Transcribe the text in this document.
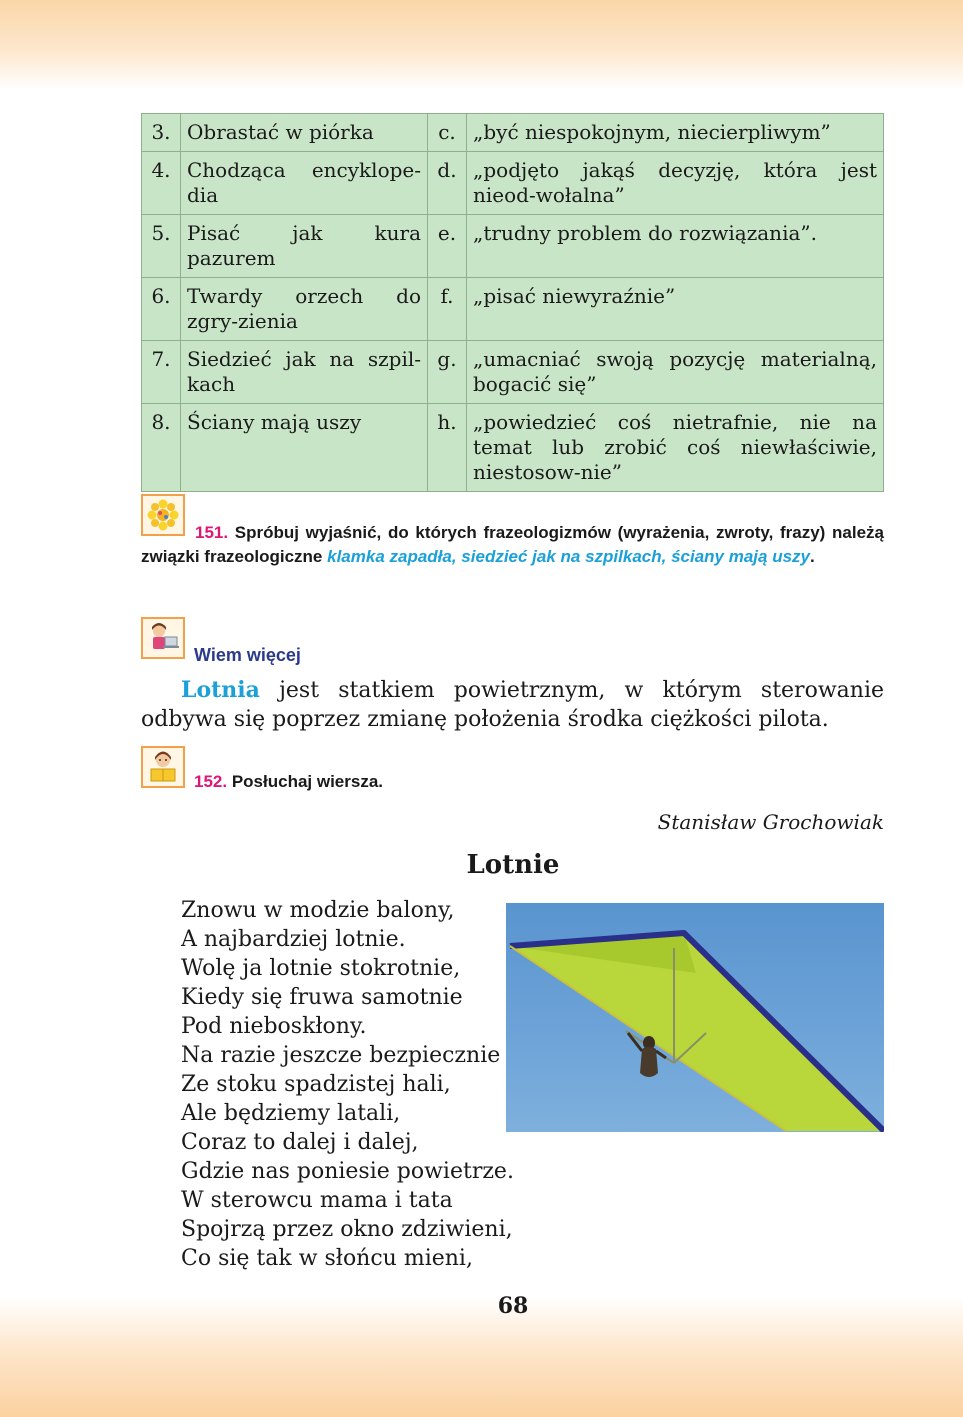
3.	Obrastać w piórka	c.	„być niespokojnym, niecierpliwym”
4.	Chodząca encyklope-dia	d.	„podjęto jakąś decyzję, która jest nieod-wołalna”
5.	Pisać jak kura pazurem	e.	„trudny problem do rozwiązania”.
6.	Twardy orzech do zgry-zienia	f.	„pisać niewyraźnie”
7.	Siedzieć jak na szpil-kach	g.	„umacniać swoją pozycję materialną, bogacić się”
8.	Ściany mają uszy	h.	„powiedzieć coś nietrafnie, nie na temat lub zrobić coś niewłaściwie, niestosow-nie”
151. Spróbuj wyjaśnić, do których frazeologizmów (wyrażenia, zwroty, frazy) należą związki frazeologiczne klamka zapadła, siedzieć jak na szpilkach, ściany mają uszy.
Wiem więcej
Lotnia jest statkiem powietrznym, w którym sterowanie odbywa się poprzez zmianę położenia środka ciężkości pilota.
152. Posłuchaj wiersza.
Stanisław Grochowiak
Lotnie
Znowu w modzie balony,
A najbardziej lotnie.
Wolę ja lotnie stokrotnie,
Kiedy się fruwa samotnie
Pod nieboskłony.
Na razie jeszcze bezpiecznie
Ze stoku spadzistej hali,
Ale będziemy latali,
Coraz to dalej i dalej,
Gdzie nas poniesie powietrze.
W sterowcu mama i tata
Spojrzą przez okno zdziwieni,
Co się tak w słońcu mieni,
68
